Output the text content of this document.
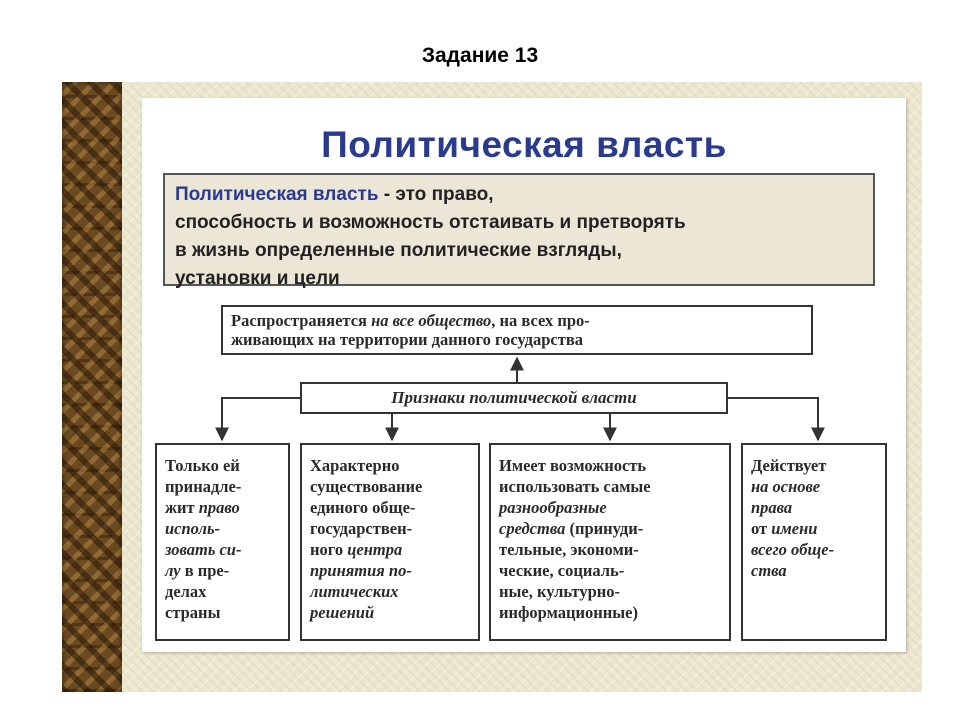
Задание 13
Политическая власть
Политическая власть - это право,
способность и возможность отстаивать и претворять
в жизнь определенные политические взгляды,
установки и цели
Распространяется на все общество, на всех про-
живающих на территории данного государства
Признаки политической власти
Только ей
принадле-
жит право
исполь-
зовать си-
лу в пре-
делах
страны
Характерно
существование
единого обще-
государствен-
ного центра
принятия по-
литических
решений
Имеет возможность
использовать самые
разнообразные
средства (принуди-
тельные, экономи-
ческие, социаль-
ные, культурно-
информационные)
Действует
на основе
права
от имени
всего обще-
ства
